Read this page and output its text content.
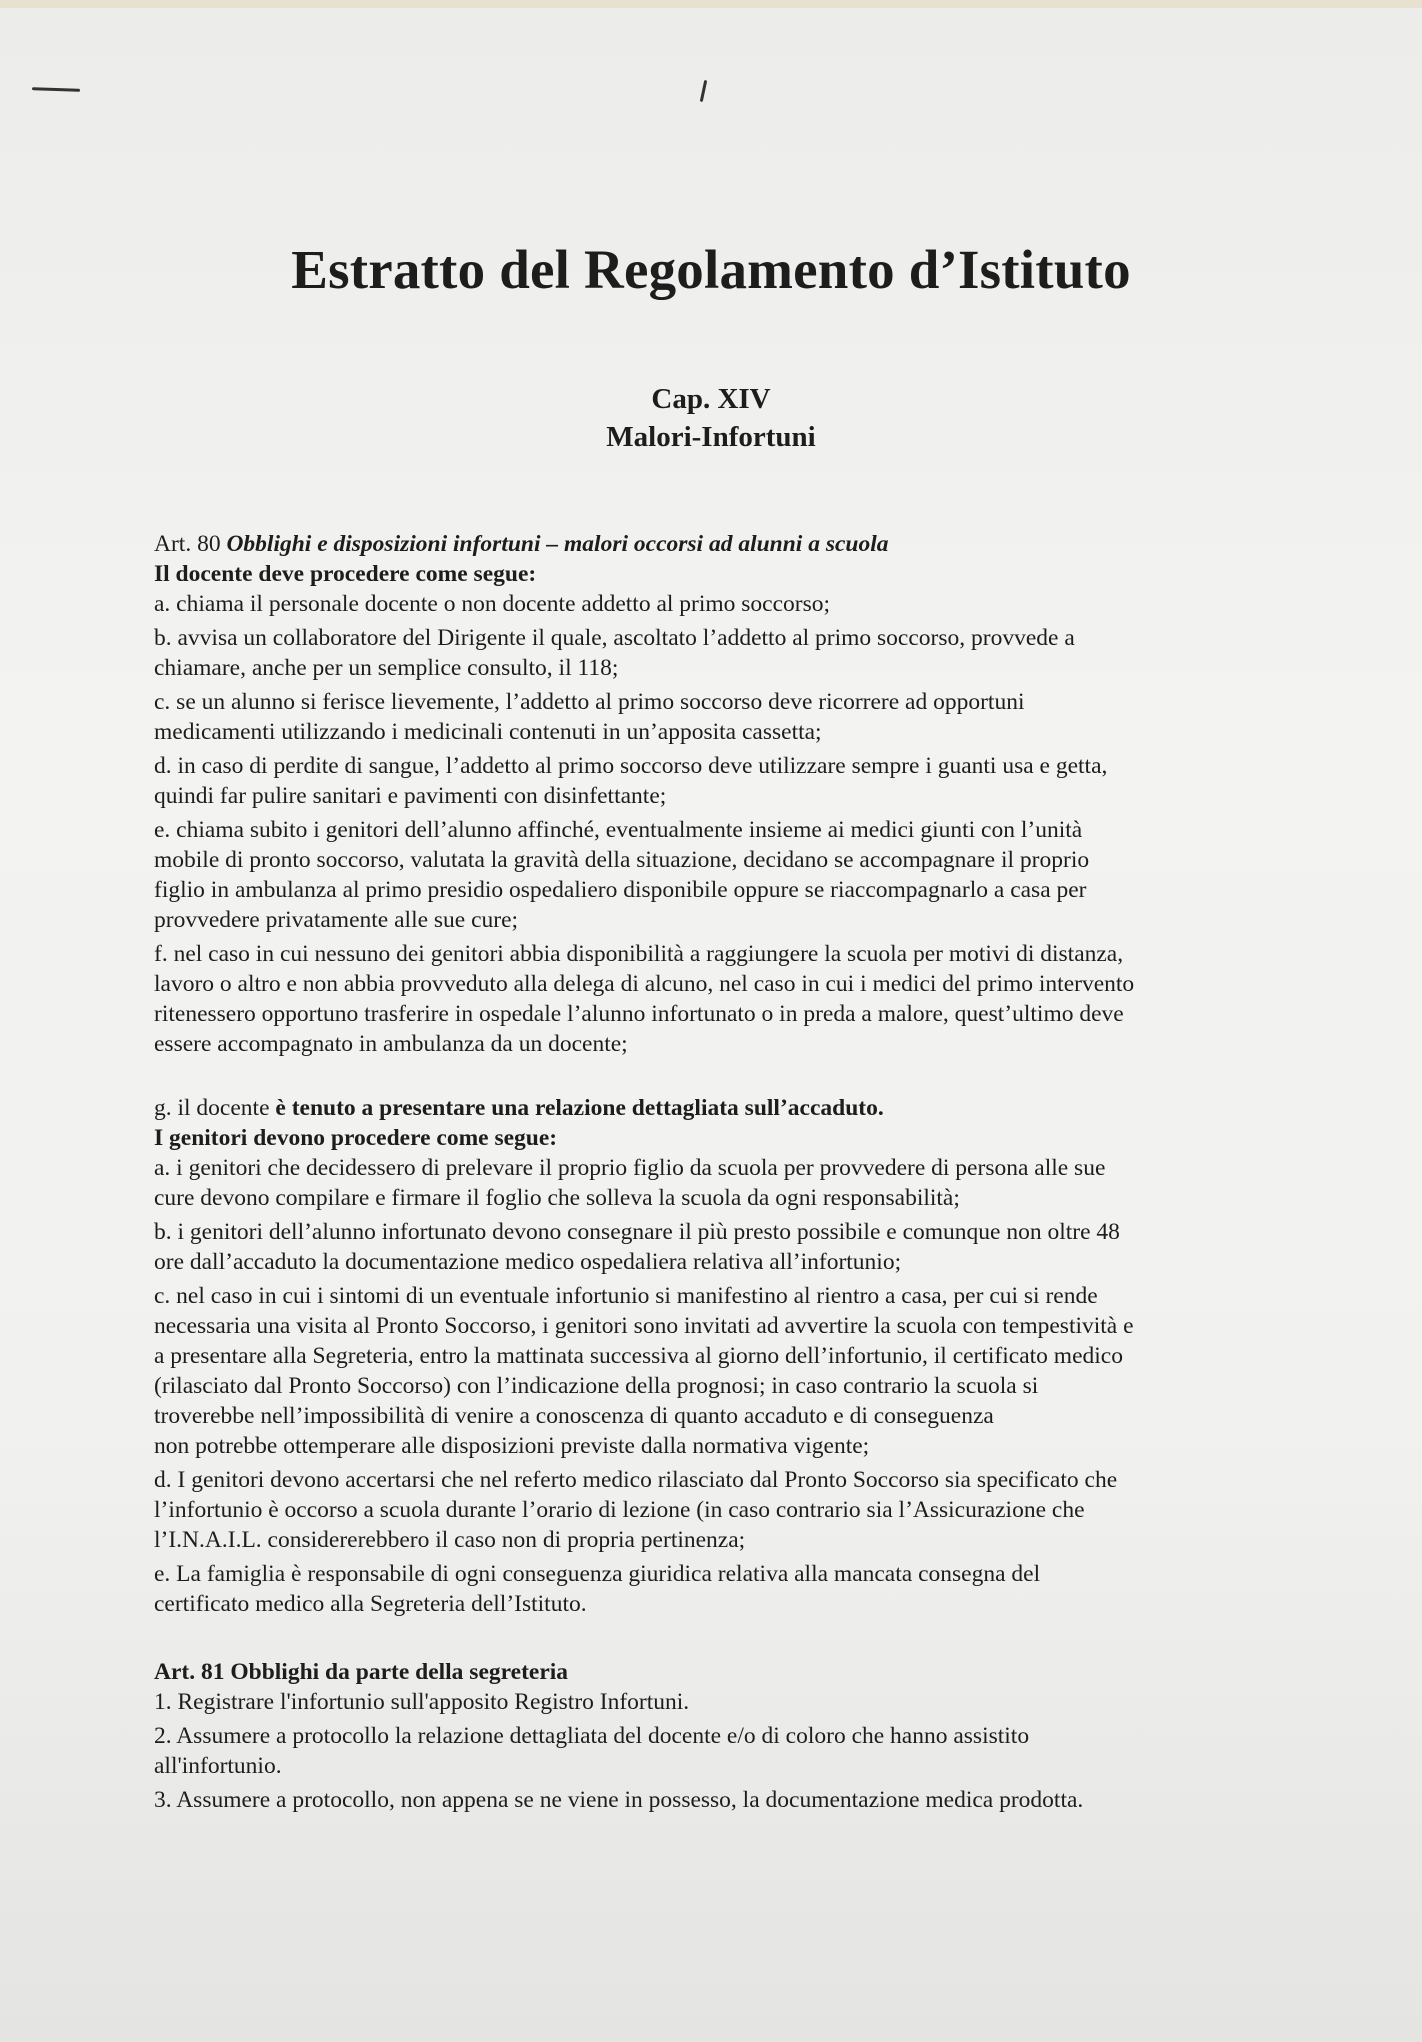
Estratto del Regolamento d’Istituto
Cap. XIV
Malori-Infortuni
Art. 80 Obblighi e disposizioni infortuni – malori occorsi ad alunni a scuola
Il docente deve procedere come segue:
a. chiama il personale docente o non docente addetto al primo soccorso;
b. avvisa un collaboratore del Dirigente il quale, ascoltato l’addetto al primo soccorso, provvede a
chiamare, anche per un semplice consulto, il 118;
c. se un alunno si ferisce lievemente, l’addetto al primo soccorso deve ricorrere ad opportuni
medicamenti utilizzando i medicinali contenuti in un’apposita cassetta;
d. in caso di perdite di sangue, l’addetto al primo soccorso deve utilizzare sempre i guanti usa e getta,
quindi far pulire sanitari e pavimenti con disinfettante;
e. chiama subito i genitori dell’alunno affinché, eventualmente insieme ai medici giunti con l’unità
mobile di pronto soccorso, valutata la gravità della situazione, decidano se accompagnare il proprio
figlio in ambulanza al primo presidio ospedaliero disponibile oppure se riaccompagnarlo a casa per
provvedere privatamente alle sue cure;
f. nel caso in cui nessuno dei genitori abbia disponibilità a raggiungere la scuola per motivi di distanza,
lavoro o altro e non abbia provveduto alla delega di alcuno, nel caso in cui i medici del primo intervento
ritenessero opportuno trasferire in ospedale l’alunno infortunato o in preda a malore, quest’ultimo deve
essere accompagnato in ambulanza da un docente;
g. il docente è tenuto a presentare una relazione dettagliata sull’accaduto.
I genitori devono procedere come segue:
a. i genitori che decidessero di prelevare il proprio figlio da scuola per provvedere di persona alle sue
cure devono compilare e firmare il foglio che solleva la scuola da ogni responsabilità;
b. i genitori dell’alunno infortunato devono consegnare il più presto possibile e comunque non oltre 48
ore dall’accaduto la documentazione medico ospedaliera relativa all’infortunio;
c. nel caso in cui i sintomi di un eventuale infortunio si manifestino al rientro a casa, per cui si rende
necessaria una visita al Pronto Soccorso, i genitori sono invitati ad avvertire la scuola con tempestività e
a presentare alla Segreteria, entro la mattinata successiva al giorno dell’infortunio, il certificato medico
(rilasciato dal Pronto Soccorso) con l’indicazione della prognosi; in caso contrario la scuola si
troverebbe nell’impossibilità di venire a conoscenza di quanto accaduto e di conseguenza
non potrebbe ottemperare alle disposizioni previste dalla normativa vigente;
d. I genitori devono accertarsi che nel referto medico rilasciato dal Pronto Soccorso sia specificato che
l’infortunio è occorso a scuola durante l’orario di lezione (in caso contrario sia l’Assicurazione che
l’I.N.A.I.L. considererebbero il caso non di propria pertinenza;
e. La famiglia è responsabile di ogni conseguenza giuridica relativa alla mancata consegna del
certificato medico alla Segreteria dell’Istituto.
Art. 81 Obblighi da parte della segreteria
1. Registrare l'infortunio sull'apposito Registro Infortuni.
2. Assumere a protocollo la relazione dettagliata del docente e/o di coloro che hanno assistito
all'infortunio.
3. Assumere a protocollo, non appena se ne viene in possesso, la documentazione medica prodotta.
